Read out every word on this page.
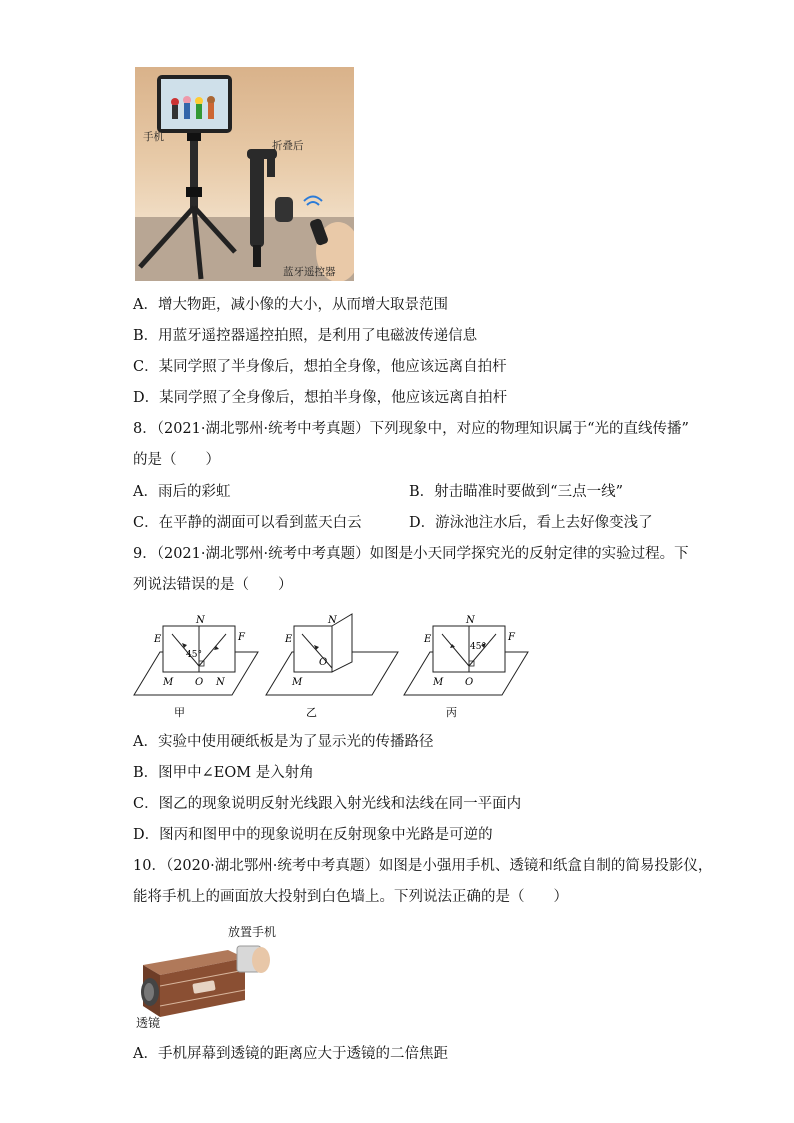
手机
折叠后
蓝牙遥控器
A．增大物距，减小像的大小，从而增大取景范围
B．用蓝牙遥控器遥控拍照，是利用了电磁波传递信息
C．某同学照了半身像后，想拍全身像，他应该远离自拍杆
D．某同学照了全身像后，想拍半身像，他应该远离自拍杆
8．（2021·湖北鄂州·统考中考真题）下列现象中，对应的物理知识属于“光的直线传播”
的是（　　）
A．雨后的彩虹	B．射击瞄准时要做到“三点一线”
C．在平静的湖面可以看到蓝天白云	D．游泳池注水后，看上去好像变浅了
9．（2021·湖北鄂州·统考中考真题）如图是小天同学探究光的反射定律的实验过程。下
列说法错误的是（　　）
E	F
N
45°
O
M	N
甲
E
N
O
M
乙
E	F
N
45°
O
M
丙
A．实验中使用硬纸板是为了显示光的传播路径
B．图甲中∠EOM 是入射角
C．图乙的现象说明反射光线跟入射光线和法线在同一平面内
D．图丙和图甲中的现象说明在反射现象中光路是可逆的
10．（2020·湖北鄂州·统考中考真题）如图是小强用手机、透镜和纸盒自制的简易投影仪，
能将手机上的画面放大投射到白色墙上。下列说法正确的是（　　）
放置手机
透镜
A．手机屏幕到透镜的距离应大于透镜的二倍焦距
